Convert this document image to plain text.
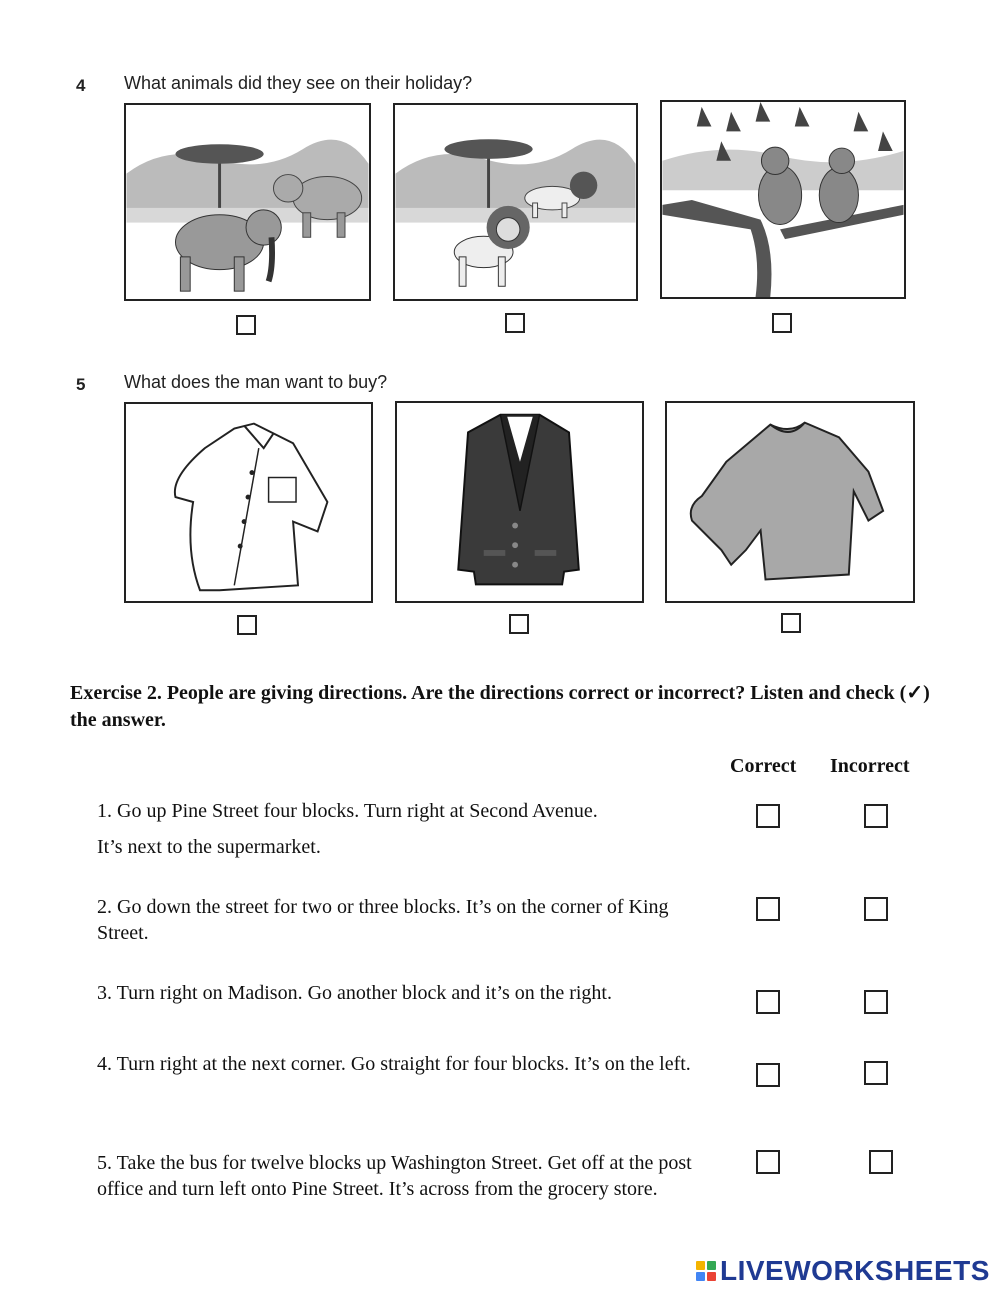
4 What animals did they see on their holiday?
5 What does the man want to buy?
Exercise 2. People are giving directions. Are the directions correct or incorrect? Listen and check (✓) the answer.
Correct Incorrect
1. Go up Pine Street four blocks. Turn right at Second Avenue.
It’s next to the supermarket.
2. Go down the street for two or three blocks. It’s on the corner of King Street.
3. Turn right on Madison. Go another block and it’s on the right.
4. Turn right at the next corner. Go straight for four blocks. It’s on the left.
5. Take the bus for twelve blocks up Washington Street. Get off at the post office and turn left onto Pine Street. It’s across from the grocery store.
LIVEWORKSHEETS
